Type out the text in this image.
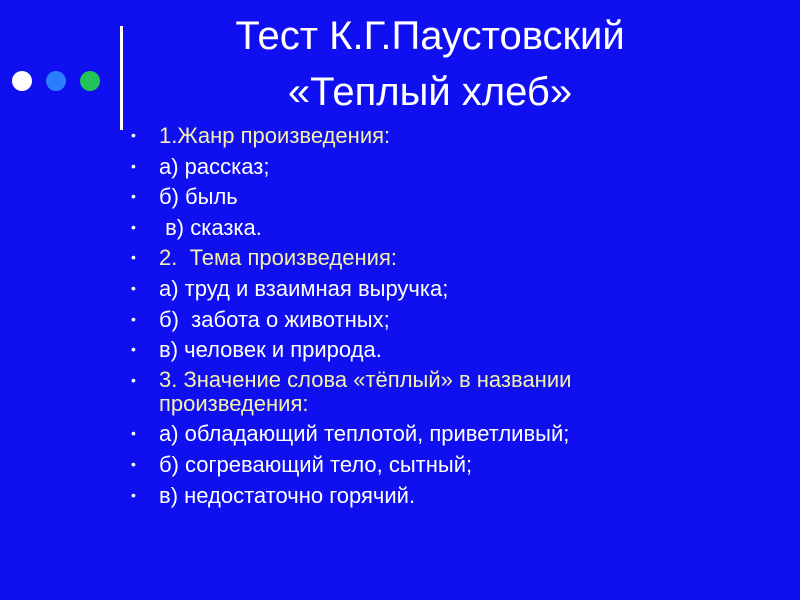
Тест К.Г.Паустовский
«Теплый хлеб»
• 1.Жанр произведения:
• а) рассказ;
• б) быль
• в) сказка.
• 2.  Тема произведения:
• а) труд и взаимная выручка;
• б)  забота о животных;
• в) человек и природа.
• 3. Значение слова «тёплый» в названии произведения:
• а) обладающий теплотой, приветливый;
• б) согревающий тело, сытный;
• в) недостаточно горячий.
